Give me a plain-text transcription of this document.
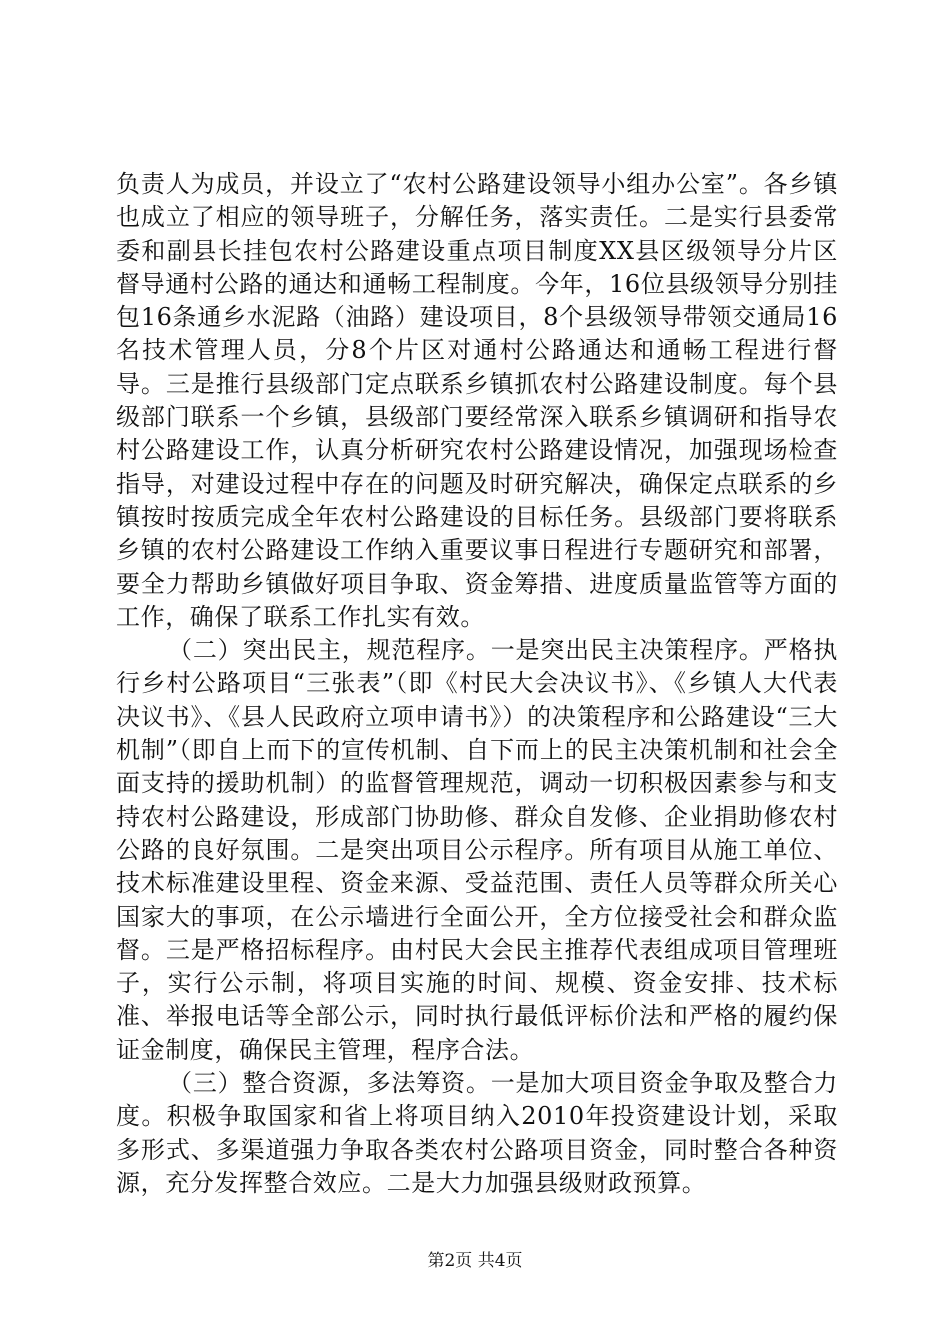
负责人为成员，并设立了“农村公路建设领导小组办公室”。各乡镇也成立了相应的领导班子，分解任务，落实责任。二是实行县委常委和副县长挂包农村公路建设重点项目制度XX县区级领导分片区督导通村公路的通达和通畅工程制度。今年，16位县级领导分别挂包16条通乡水泥路（油路）建设项目，8个县级领导带领交通局16名技术管理人员，分8个片区对通村公路通达和通畅工程进行督导。三是推行县级部门定点联系乡镇抓农村公路建设制度。每个县级部门联系一个乡镇，县级部门要经常深入联系乡镇调研和指导农村公路建设工作，认真分析研究农村公路建设情况，加强现场检查指导，对建设过程中存在的问题及时研究解决，确保定点联系的乡镇按时按质完成全年农村公路建设的目标任务。县级部门要将联系乡镇的农村公路建设工作纳入重要议事日程进行专题研究和部署，要全力帮助乡镇做好项目争取、资金筹措、进度质量监管等方面的工作，确保了联系工作扎实有效。

（二）突出民主，规范程序。一是突出民主决策程序。严格执行乡村公路项目“三张表”（即《村民大会决议书》、《乡镇人大代表决议书》、《县人民政府立项申请书》）的决策程序和公路建设“三大机制”（即自上而下的宣传机制、自下而上的民主决策机制和社会全面支持的援助机制）的监督管理规范，调动一切积极因素参与和支持农村公路建设，形成部门协助修、群众自发修、企业捐助修农村公路的良好氛围。二是突出项目公示程序。所有项目从施工单位、技术标准建设里程、资金来源、受益范围、责任人员等群众所关心国家大的事项，在公示墙进行全面公开，全方位接受社会和群众监督。三是严格招标程序。由村民大会民主推荐代表组成项目管理班子，实行公示制，将项目实施的时间、规模、资金安排、技术标准、举报电话等全部公示，同时执行最低评标价法和严格的履约保证金制度，确保民主管理，程序合法。

（三）整合资源，多法筹资。一是加大项目资金争取及整合力度。积极争取国家和省上将项目纳入2010年投资建设计划，采取多形式、多渠道强力争取各类农村公路项目资金，同时整合各种资源，充分发挥整合效应。二是大力加强县级财政预算。

第2页 共4页
